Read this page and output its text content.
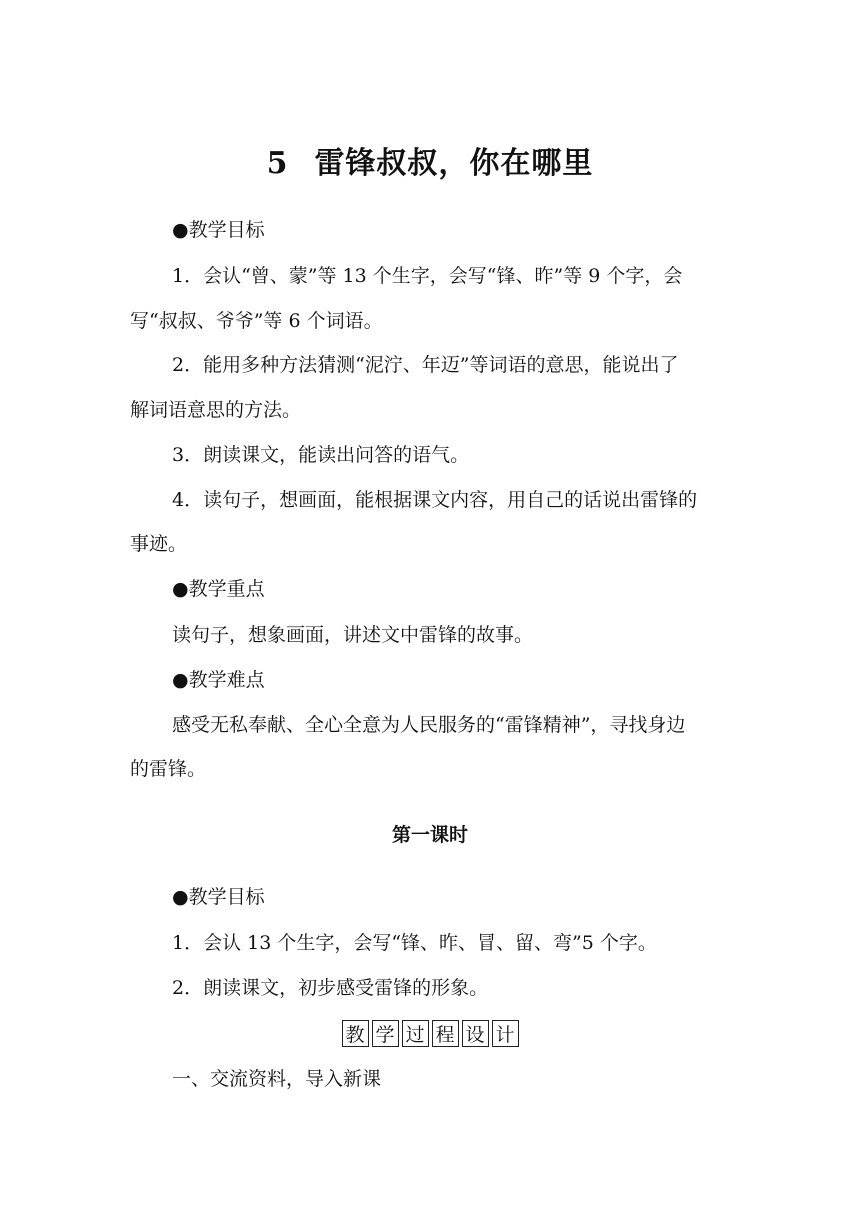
5 雷锋叔叔，你在哪里
●教学目标
1．会认“曾、蒙”等 13 个生字，会写“锋、昨”等 9 个字，会
写“叔叔、爷爷”等 6 个词语。
2．能用多种方法猜测“泥泞、年迈”等词语的意思，能说出了
解词语意思的方法。
3．朗读课文，能读出问答的语气。
4．读句子，想画面，能根据课文内容，用自己的话说出雷锋的
事迹。
●教学重点
读句子，想象画面，讲述文中雷锋的故事。
●教学难点
感受无私奉献、全心全意为人民服务的“雷锋精神”，寻找身边
的雷锋。
第一课时
●教学目标
1．会认 13 个生字，会写“锋、昨、冒、留、弯”5 个字。
2．朗读课文，初步感受雷锋的形象。
教 学 过 程 设 计
一、交流资料，导入新课
